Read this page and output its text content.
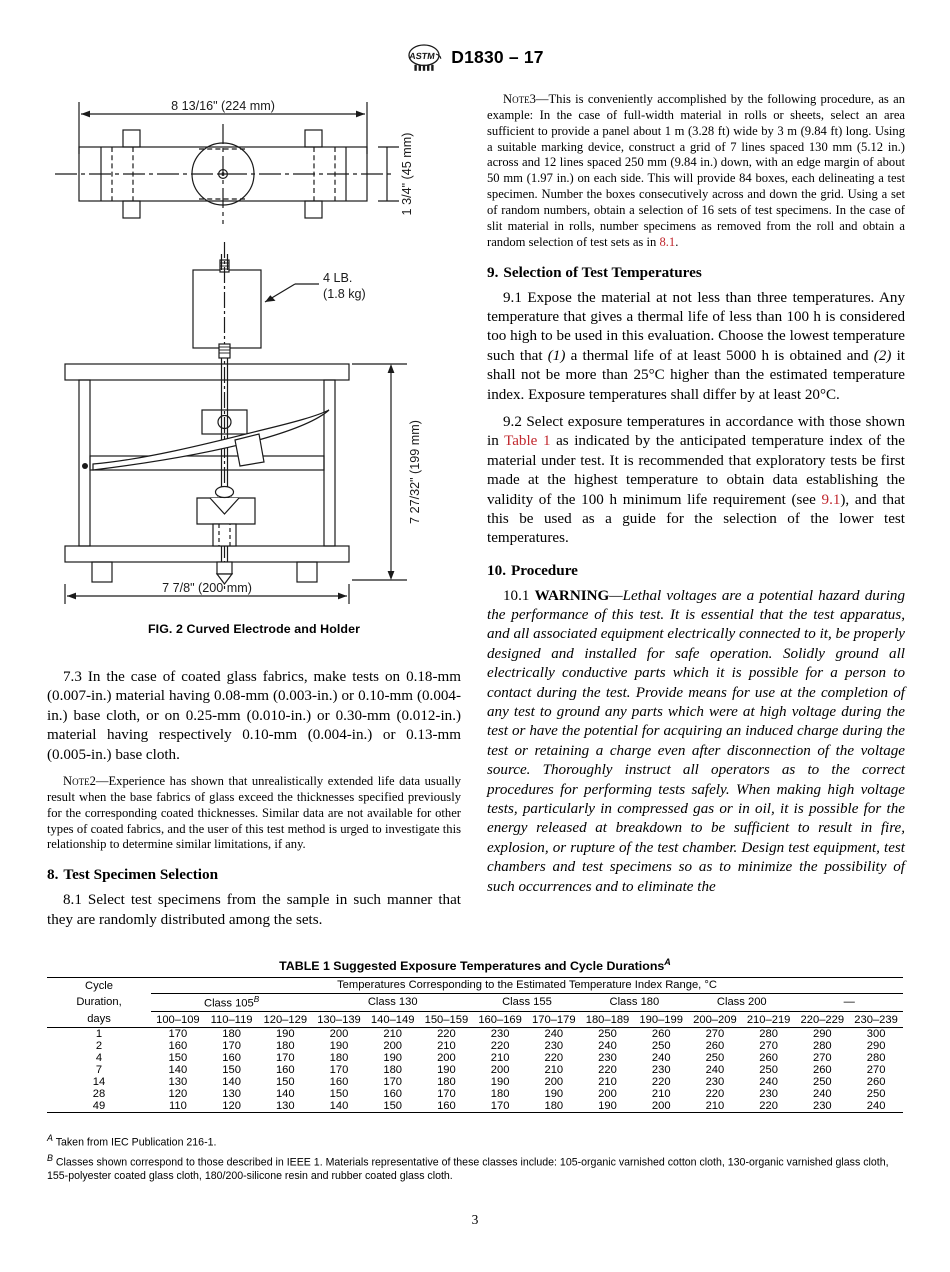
ASTM D1830 – 17
8 13/16" (224 mm)
1 3/4" (45 mm)
4 LB.
(1.8 kg)
7 27/32" (199 mm)
7 7/8" (200 mm)
FIG. 2 Curved Electrode and Holder

7.3 In the case of coated glass fabrics, make tests on 0.18-mm (0.007-in.) material having 0.08-mm (0.003-in.) or 0.10-mm (0.004-in.) base cloth, or on 0.25-mm (0.010-in.) or 0.30-mm (0.012-in.) material having respectively 0.10-mm (0.004-in.) or 0.13-mm (0.005-in.) base cloth.

Note2—Experience has shown that unrealistically extended life data usually result when the base fabrics of glass exceed the thicknesses specified previously for the corresponding coated thicknesses. Similar data are not available for other types of coated fabrics, and the user of this test method is urged to investigate this relationship to determine similar limitations, if any.

8. Test Specimen Selection

8.1 Select test specimens from the sample in such manner that they are randomly distributed among the sets.

Note3—This is conveniently accomplished by the following procedure, as an example: In the case of full-width material in rolls or sheets, select an area sufficient to provide a panel about 1 m (3.28 ft) wide by 3 m (9.84 ft) long. Using a suitable marking device, construct a grid of 7 lines spaced 130 mm (5.12 in.) across and 12 lines spaced 250 mm (9.84 in.) down, with an edge margin of about 50 mm (1.97 in.) on each side. This will provide 84 boxes, each delineating a test specimen. Number the boxes consecutively across and down the grid. Using a set of random numbers, obtain a selection of 16 sets of test specimens. In the case of slit material in rolls, number specimens as removed from the roll and obtain a random selection of test sets as in 8.1.

9. Selection of Test Temperatures

9.1 Expose the material at not less than three temperatures. Any temperature that gives a thermal life of less than 100 h is considered too high to be used in this evaluation. Choose the lowest temperature such that (1) a thermal life of at least 5000 h is obtained and (2) it shall not be more than 25°C higher than the estimated temperature index. Exposure temperatures shall differ by at least 20°C.

9.2 Select exposure temperatures in accordance with those shown in Table 1 as indicated by the anticipated temperature index of the material under test. It is recommended that exploratory tests be first made at the highest temperature to obtain data establishing the validity of the 100 h minimum life requirement (see 9.1), and that this be used as a guide for the selection of the lower test temperatures.

10. Procedure

10.1 WARNING—Lethal voltages are a potential hazard during the performance of this test. It is essential that the test apparatus, and all associated equipment electrically connected to it, be properly designed and installed for safe operation. Solidly ground all electrically conductive parts which it is possible for a person to contact during the test. Provide means for use at the completion of any test to ground any parts which were at high voltage during the test or have the potential for acquiring an induced charge during the test or retaining a charge even after disconnection of the voltage source. Thoroughly instruct all operators as to the correct procedures for performing tests safely. When making high voltage tests, particularly in compressed gas or in oil, it is possible for the energy released at breakdown to be sufficient to result in fire, explosion, or rupture of the test chamber. Design test equipment, test chambers and test specimens so as to minimize the possibility of such occurrences and to eliminate the

TABLE 1 Suggested Exposure Temperatures and Cycle Durations$^A$
Cycle
Duration,
days	Temperatures Corresponding to the Estimated Temperature Index Range, °C													
	Class $105^B$			Class 130			Class 155		Class 180		Class 200		—	
	100–109	110–119	120–129	130–139	140–149	150–159	160–169	170–179	180–189	190–199	200–209	210–219	220–229	230–239
1	170	180	190	200	210	220	230	240	250	260	270	280	290	300
2	160	170	180	190	200	210	220	230	240	250	260	270	280	290
4	150	160	170	180	190	200	210	220	230	240	250	260	270	280
7	140	150	160	170	180	190	200	210	220	230	240	250	260	270
14	130	140	150	160	170	180	190	200	210	220	230	240	250	260
28	120	130	140	150	160	170	180	190	200	210	220	230	240	250
49	110	120	130	140	150	160	170	180	190	200	210	220	230	240

$^A$ Taken from IEC Publication 216-1.

$^B$ Classes shown correspond to those described in IEEE 1. Materials representative of these classes include: 105-organic varnished cotton cloth, 130-organic varnished glass cloth, 155-polyester coated glass cloth, 180/200-silicone resin and rubber coated glass cloth.

3
